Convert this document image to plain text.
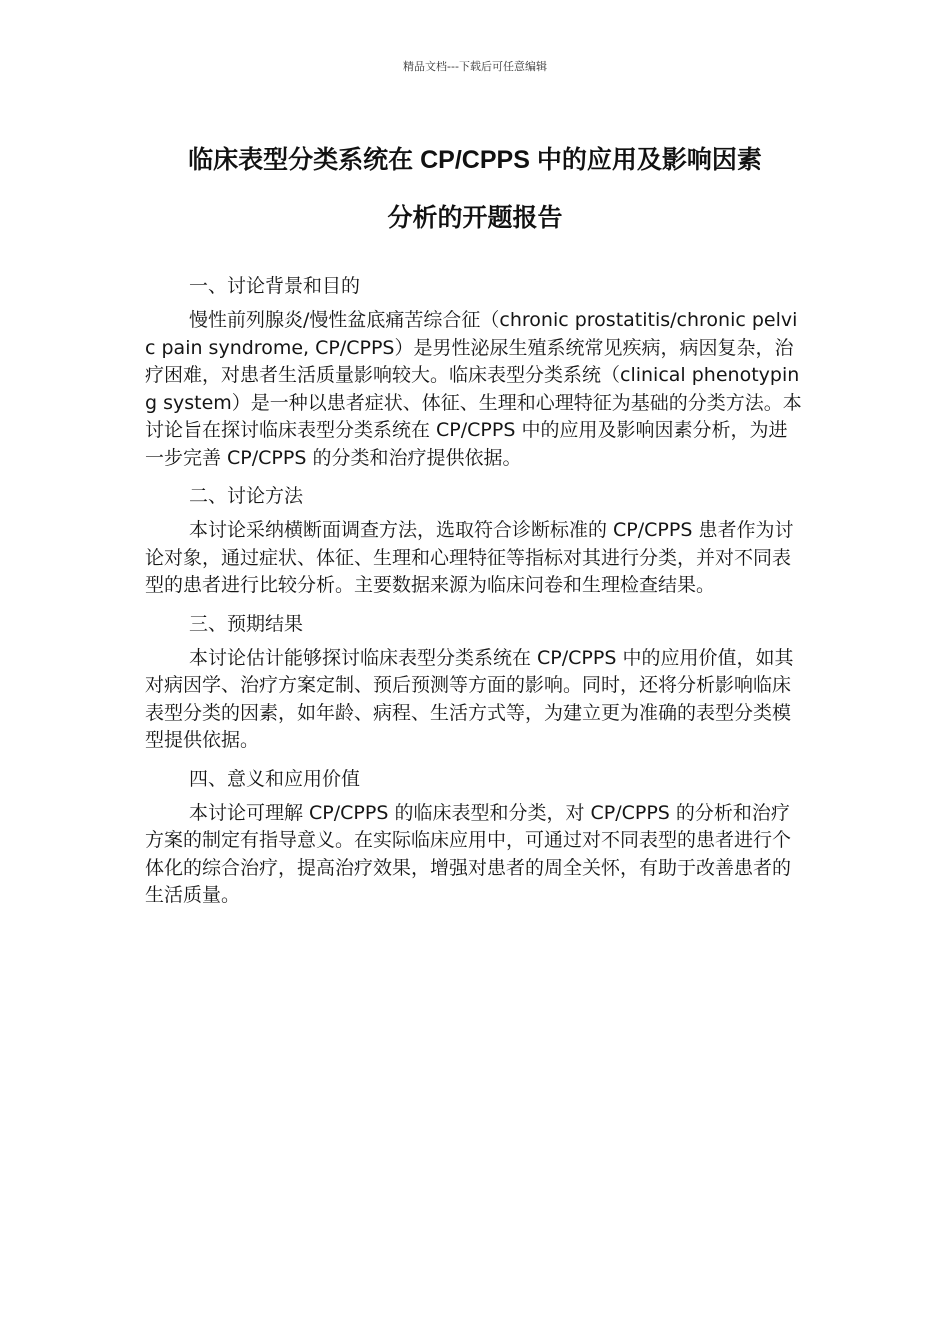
精品文档---下载后可任意编辑
临床表型分类系统在 CP/CPPS 中的应用及影响因素
分析的开题报告

一、讨论背景和目的

慢性前列腺炎/慢性盆底痛苦综合征（chronic prostatitis/chronic pelvic pain syndrome, CP/CPPS）是男性泌尿生殖系统常见疾病，病因复杂，治疗困难，对患者生活质量影响较大。临床表型分类系统（clinical phenotyping system）是一种以患者症状、体征、生理和心理特征为基础的分类方法。本讨论旨在探讨临床表型分类系统在 CP/CPPS 中的应用及影响因素分析，为进一步完善 CP/CPPS 的分类和治疗提供依据。

二、讨论方法

本讨论采纳横断面调查方法，选取符合诊断标准的 CP/CPPS 患者作为讨论对象，通过症状、体征、生理和心理特征等指标对其进行分类，并对不同表型的患者进行比较分析。主要数据来源为临床问卷和生理检查结果。

三、预期结果

本讨论估计能够探讨临床表型分类系统在 CP/CPPS 中的应用价值，如其对病因学、治疗方案定制、预后预测等方面的影响。同时，还将分析影响临床表型分类的因素，如年龄、病程、生活方式等，为建立更为准确的表型分类模型提供依据。

四、意义和应用价值

本讨论可理解 CP/CPPS 的临床表型和分类，对 CP/CPPS 的分析和治疗方案的制定有指导意义。在实际临床应用中，可通过对不同表型的患者进行个体化的综合治疗，提高治疗效果，增强对患者的周全关怀，有助于改善患者的生活质量。
